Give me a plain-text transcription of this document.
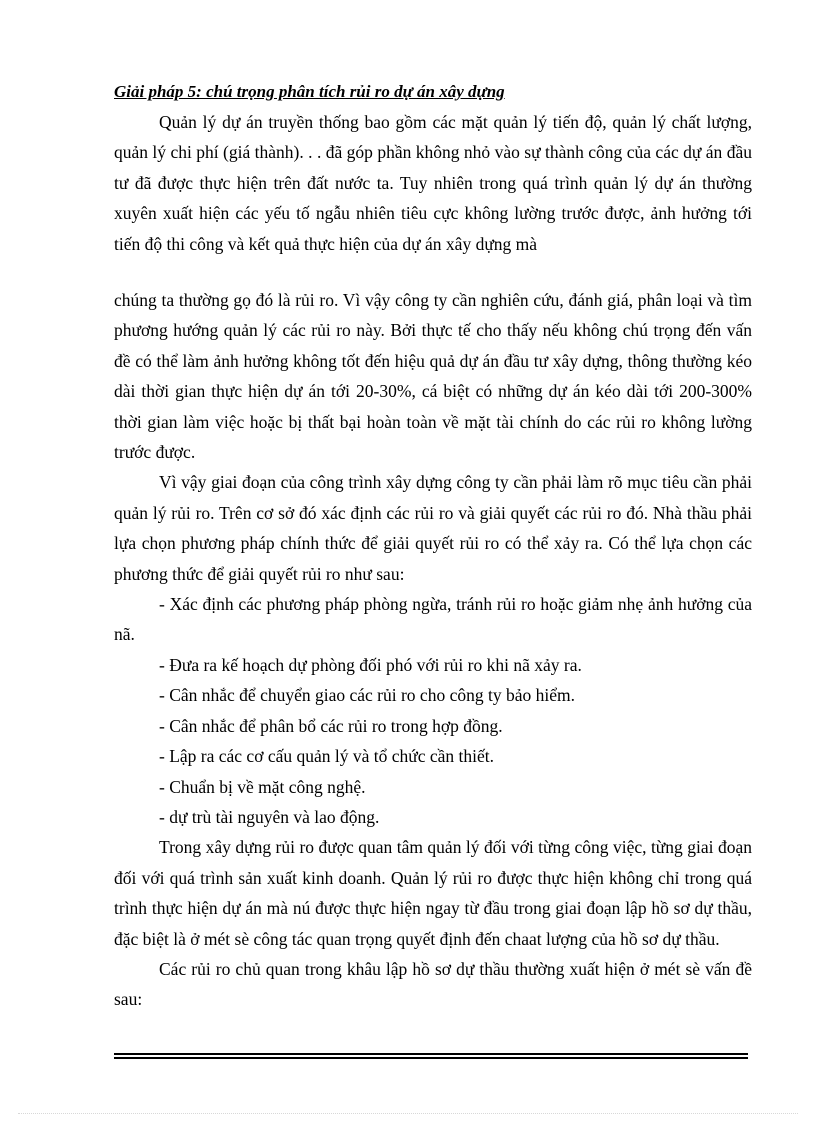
Giải pháp 5: chú trọng phân tích rủi ro dự án xây dựng

Quản lý dự án truyền thống bao gồm các mặt quản lý tiến độ, quản lý chất lượng, quản lý chi phí (giá thành). . . đã góp phần không nhỏ vào sự thành công của các dự án đầu tư đã được thực hiện trên đất nước ta. Tuy nhiên trong quá trình quản lý dự án thường xuyên xuất hiện các yếu tố ngẫu nhiên tiêu cực không lường trước được, ảnh hưởng tới tiến độ thi công và kết quả thực hiện của dự án xây dựng mà

chúng ta thường gọ đó là rủi ro. Vì vậy công ty cần nghiên cứu, đánh giá, phân loại và tìm phương hướng quản lý các rủi ro này. Bởi thực tế cho thấy nếu không chú trọng đến vấn đề có thể làm ảnh hưởng không tốt đến hiệu quả dự án đầu tư xây dựng, thông thường kéo dài thời gian thực hiện dự án tới 20-30%, cá biệt có những dự án kéo dài tới 200-300% thời gian làm việc hoặc bị thất bại hoàn toàn về mặt tài chính do các rủi ro không lường trước được.

Vì vậy giai đoạn của công trình xây dựng công ty cần phải làm rõ mục tiêu cần phải quản lý rủi ro. Trên cơ sở đó xác định các rủi ro và giải quyết các rủi ro đó. Nhà thầu phải lựa chọn phương pháp chính thức để giải quyết rủi ro có thể xảy ra. Có thể lựa chọn các phương thức để giải quyết rủi ro như sau:

- Xác định các phương pháp phòng ngừa, tránh rủi ro hoặc giảm nhẹ ảnh hưởng của nã.

- Đưa ra kế hoạch dự phòng đối phó với rủi ro khi nã xảy ra.

- Cân nhắc để chuyển giao các rủi ro cho công ty bảo hiểm.

- Cân nhắc để phân bổ các rủi ro trong hợp đồng.

- Lập ra các cơ cấu quản lý và tổ chức cần thiết.

- Chuẩn bị về mặt công nghệ.

- dự trù tài nguyên và lao động.

Trong xây dựng rủi ro được quan tâm quản lý đối với từng công việc, từng giai đoạn đối với quá trình sản xuất kinh doanh. Quản lý rủi ro được thực hiện không chỉ trong quá trình thực hiện dự án mà nú được thực hiện ngay từ đầu trong giai đoạn lập hồ sơ dự thầu, đặc biệt là ở mét sè công tác quan trọng quyết định đến chaat lượng của hồ sơ dự thầu.

Các rủi ro chủ quan trong khâu lập hồ sơ dự thầu thường xuất hiện ở mét sè vấn đề sau:
